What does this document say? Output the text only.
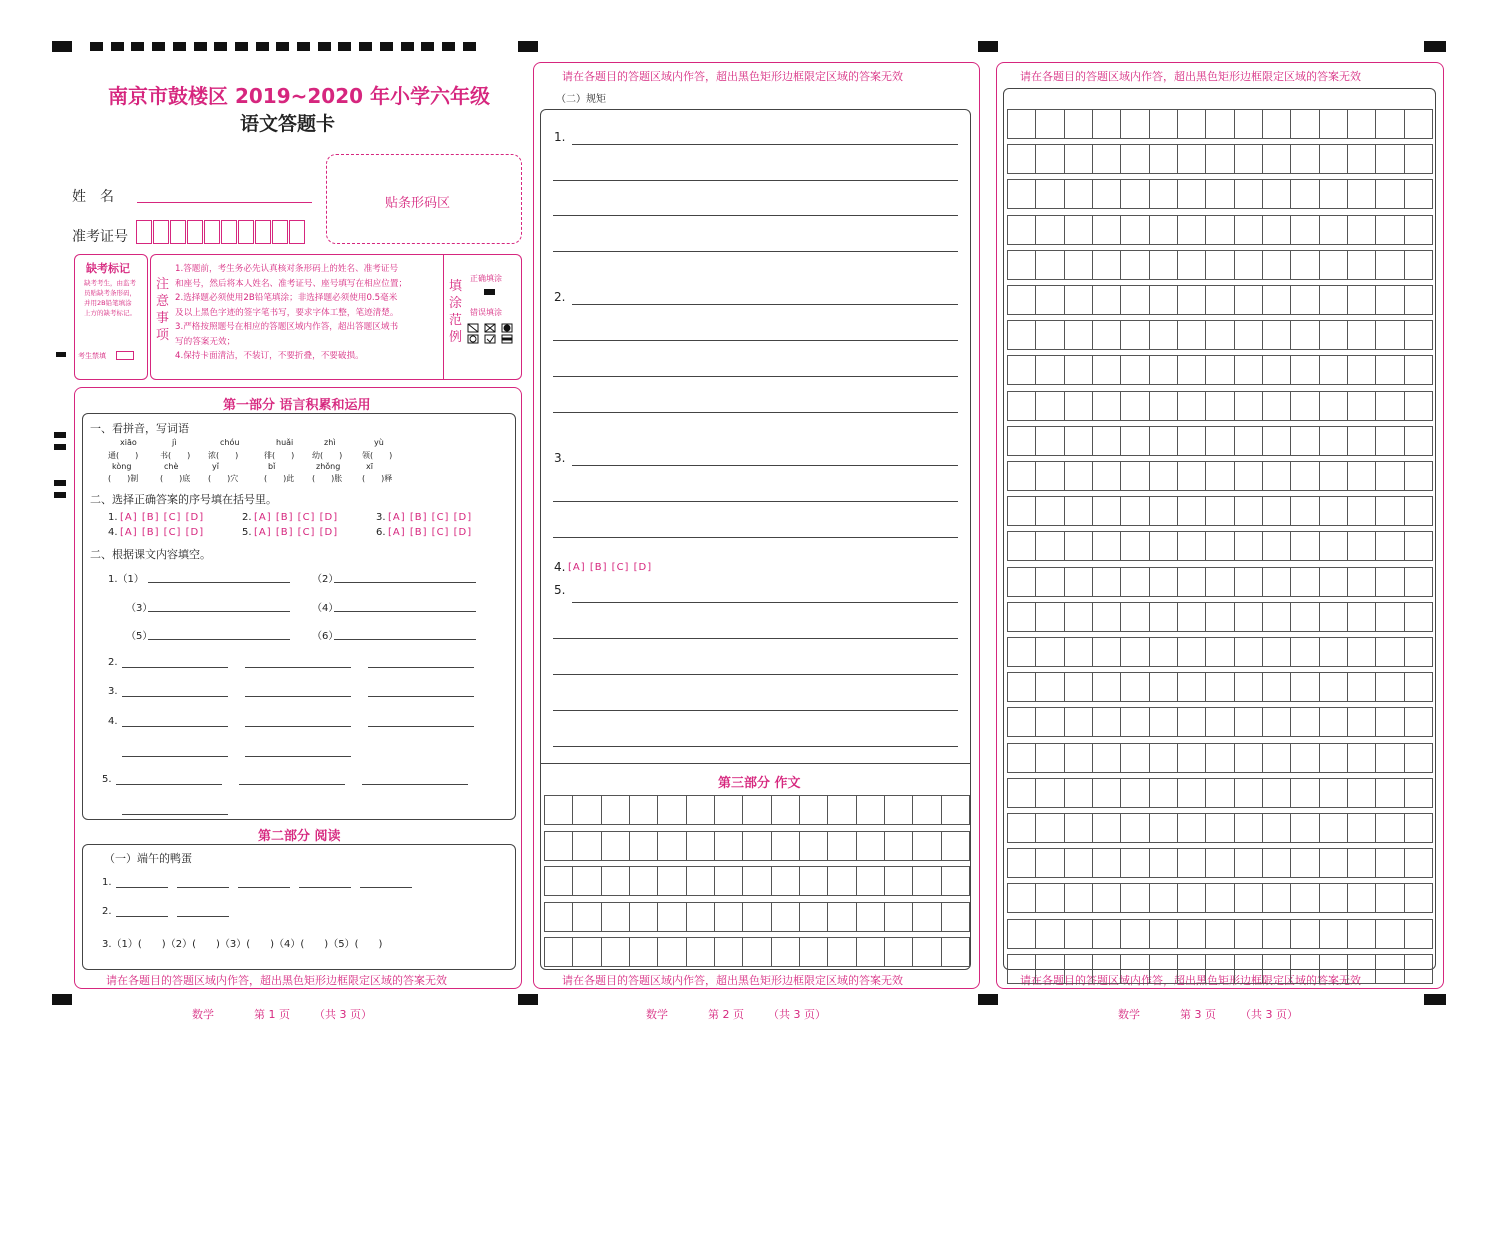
南京市鼓楼区 2019~2020 年小学六年级
语文答题卡
姓　名
准考证号
贴条形码区
缺考标记
缺考考生，由监考员贴缺考条形码，并用2B铅笔填涂上方的缺考标记。
考生禁填
注
意
事
项
1.答题前，考生务必先认真核对条形码上的姓名、准考证号
和座号，然后将本人姓名、准考证号、座号填写在相应位置；
2.选择题必须使用2B铅笔填涂；非选择题必须使用0.5毫米
及以上黑色字迹的签字笔书写，要求字体工整，笔迹清楚。
3.严格按照题号在相应的答题区域内作答，超出答题区域书
写的答案无效；
4.保持卡面清洁，不装订，不要折叠，不要破损。
填
涂
范
例
正确填涂
错误填涂
第一部分 语言积累和运用
一、看拼音，写词语
二、选择正确答案的序号填在括号里。
二、根据课文内容填空。
第二部分 阅读
（一）端午的鸭蛋
1.
2.
3.（1）(　　)（2）(　　)（3）(　　)（4）(　　)（5）(　　)
请在各题目的答题区域内作答，超出黑色矩形边框限定区域的答案无效
请在各题目的答题区域内作答，超出黑色矩形边框限定区域的答案无效
（二）规矩
第三部分 作文
请在各题目的答题区域内作答，超出黑色矩形边框限定区域的答案无效
请在各题目的答题区域内作答，超出黑色矩形边框限定区域的答案无效
请在各题目的答题区域内作答，超出黑色矩形边框限定区域的答案无效
xiāo	jì	chóu	huǎi	zhì	yù
通(　　)	书(　　) 浓(　　)	徘(　　) 幼(　　) 领(　　)
kòng	chè	yǐ	bǐ	zhǒng	xī
(　　)制	(　　)底 (　　)穴	(　　)此 (　　)胀 (　　)释
1. [A] [B] [C] [D]	2. [A] [B] [C] [D]	3. [A] [B] [C] [D]
4. [A] [B] [C] [D]	5. [A] [B] [C] [D]	6. [A] [B] [C] [D]
1.（1）	（2）
（3）	（4）
（5）	（6）
2.
3.
4.
5.
1.
2.
3.
5.
4. [A] [B] [C] [D]
数学	第 1 页 （共 3 页）	数学	第 2 页 （共 3 页）	数学	第 3 页 （共 3 页）
